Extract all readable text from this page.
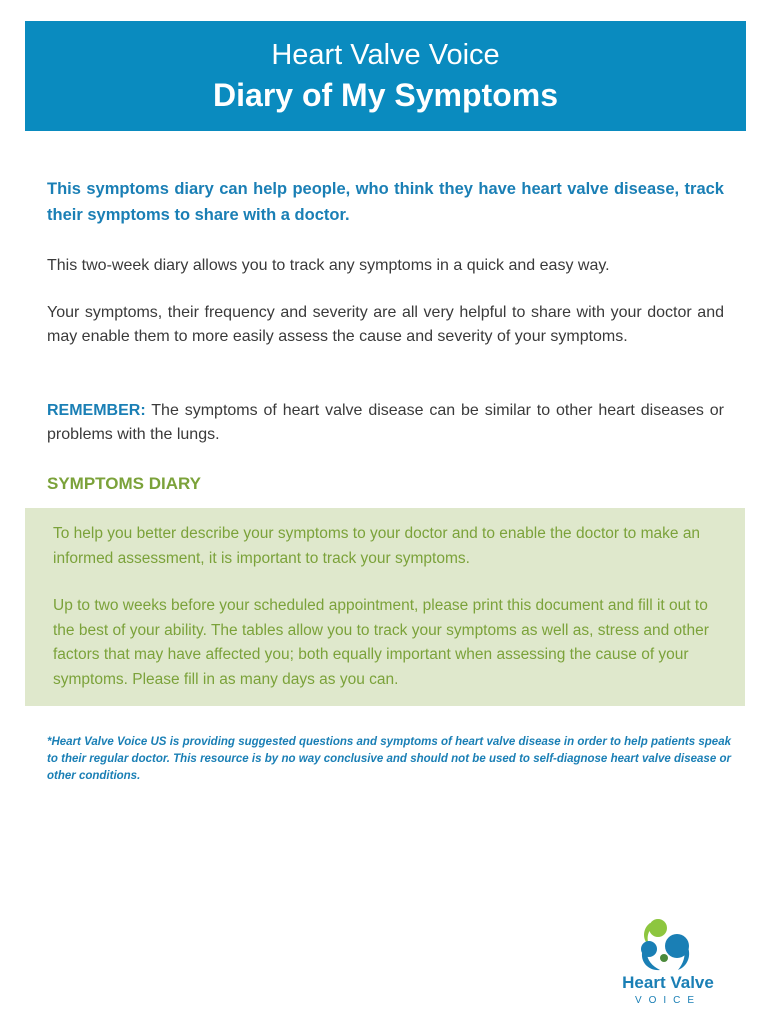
Heart Valve Voice
Diary of My Symptoms
This symptoms diary can help people, who think they have heart valve disease, track their symptoms to share with a doctor.
This two-week diary allows you to track any symptoms in a quick and easy way.
Your symptoms, their frequency and severity are all very helpful to share with your doctor and may enable them to more easily assess the cause and severity of your symptoms.
REMEMBER: The symptoms of heart valve disease can be similar to other heart diseases or problems with the lungs.
SYMPTOMS DIARY
To help you better describe your symptoms to your doctor and to enable the doctor to make an informed assessment, it is important to track your symptoms.
Up to two weeks before your scheduled appointment, please print this document and fill it out to the best of your ability. The tables allow you to track your symptoms as well as, stress and other factors that may have affected you; both equally important when assessing the cause of your symptoms. Please fill in as many days as you can.
*Heart Valve Voice US is providing suggested questions and symptoms of heart valve disease in order to help patients speak to their regular doctor. This resource is by no way conclusive and should not be used to self-diagnose heart valve disease or other conditions.
Heart Valve
VOICE
